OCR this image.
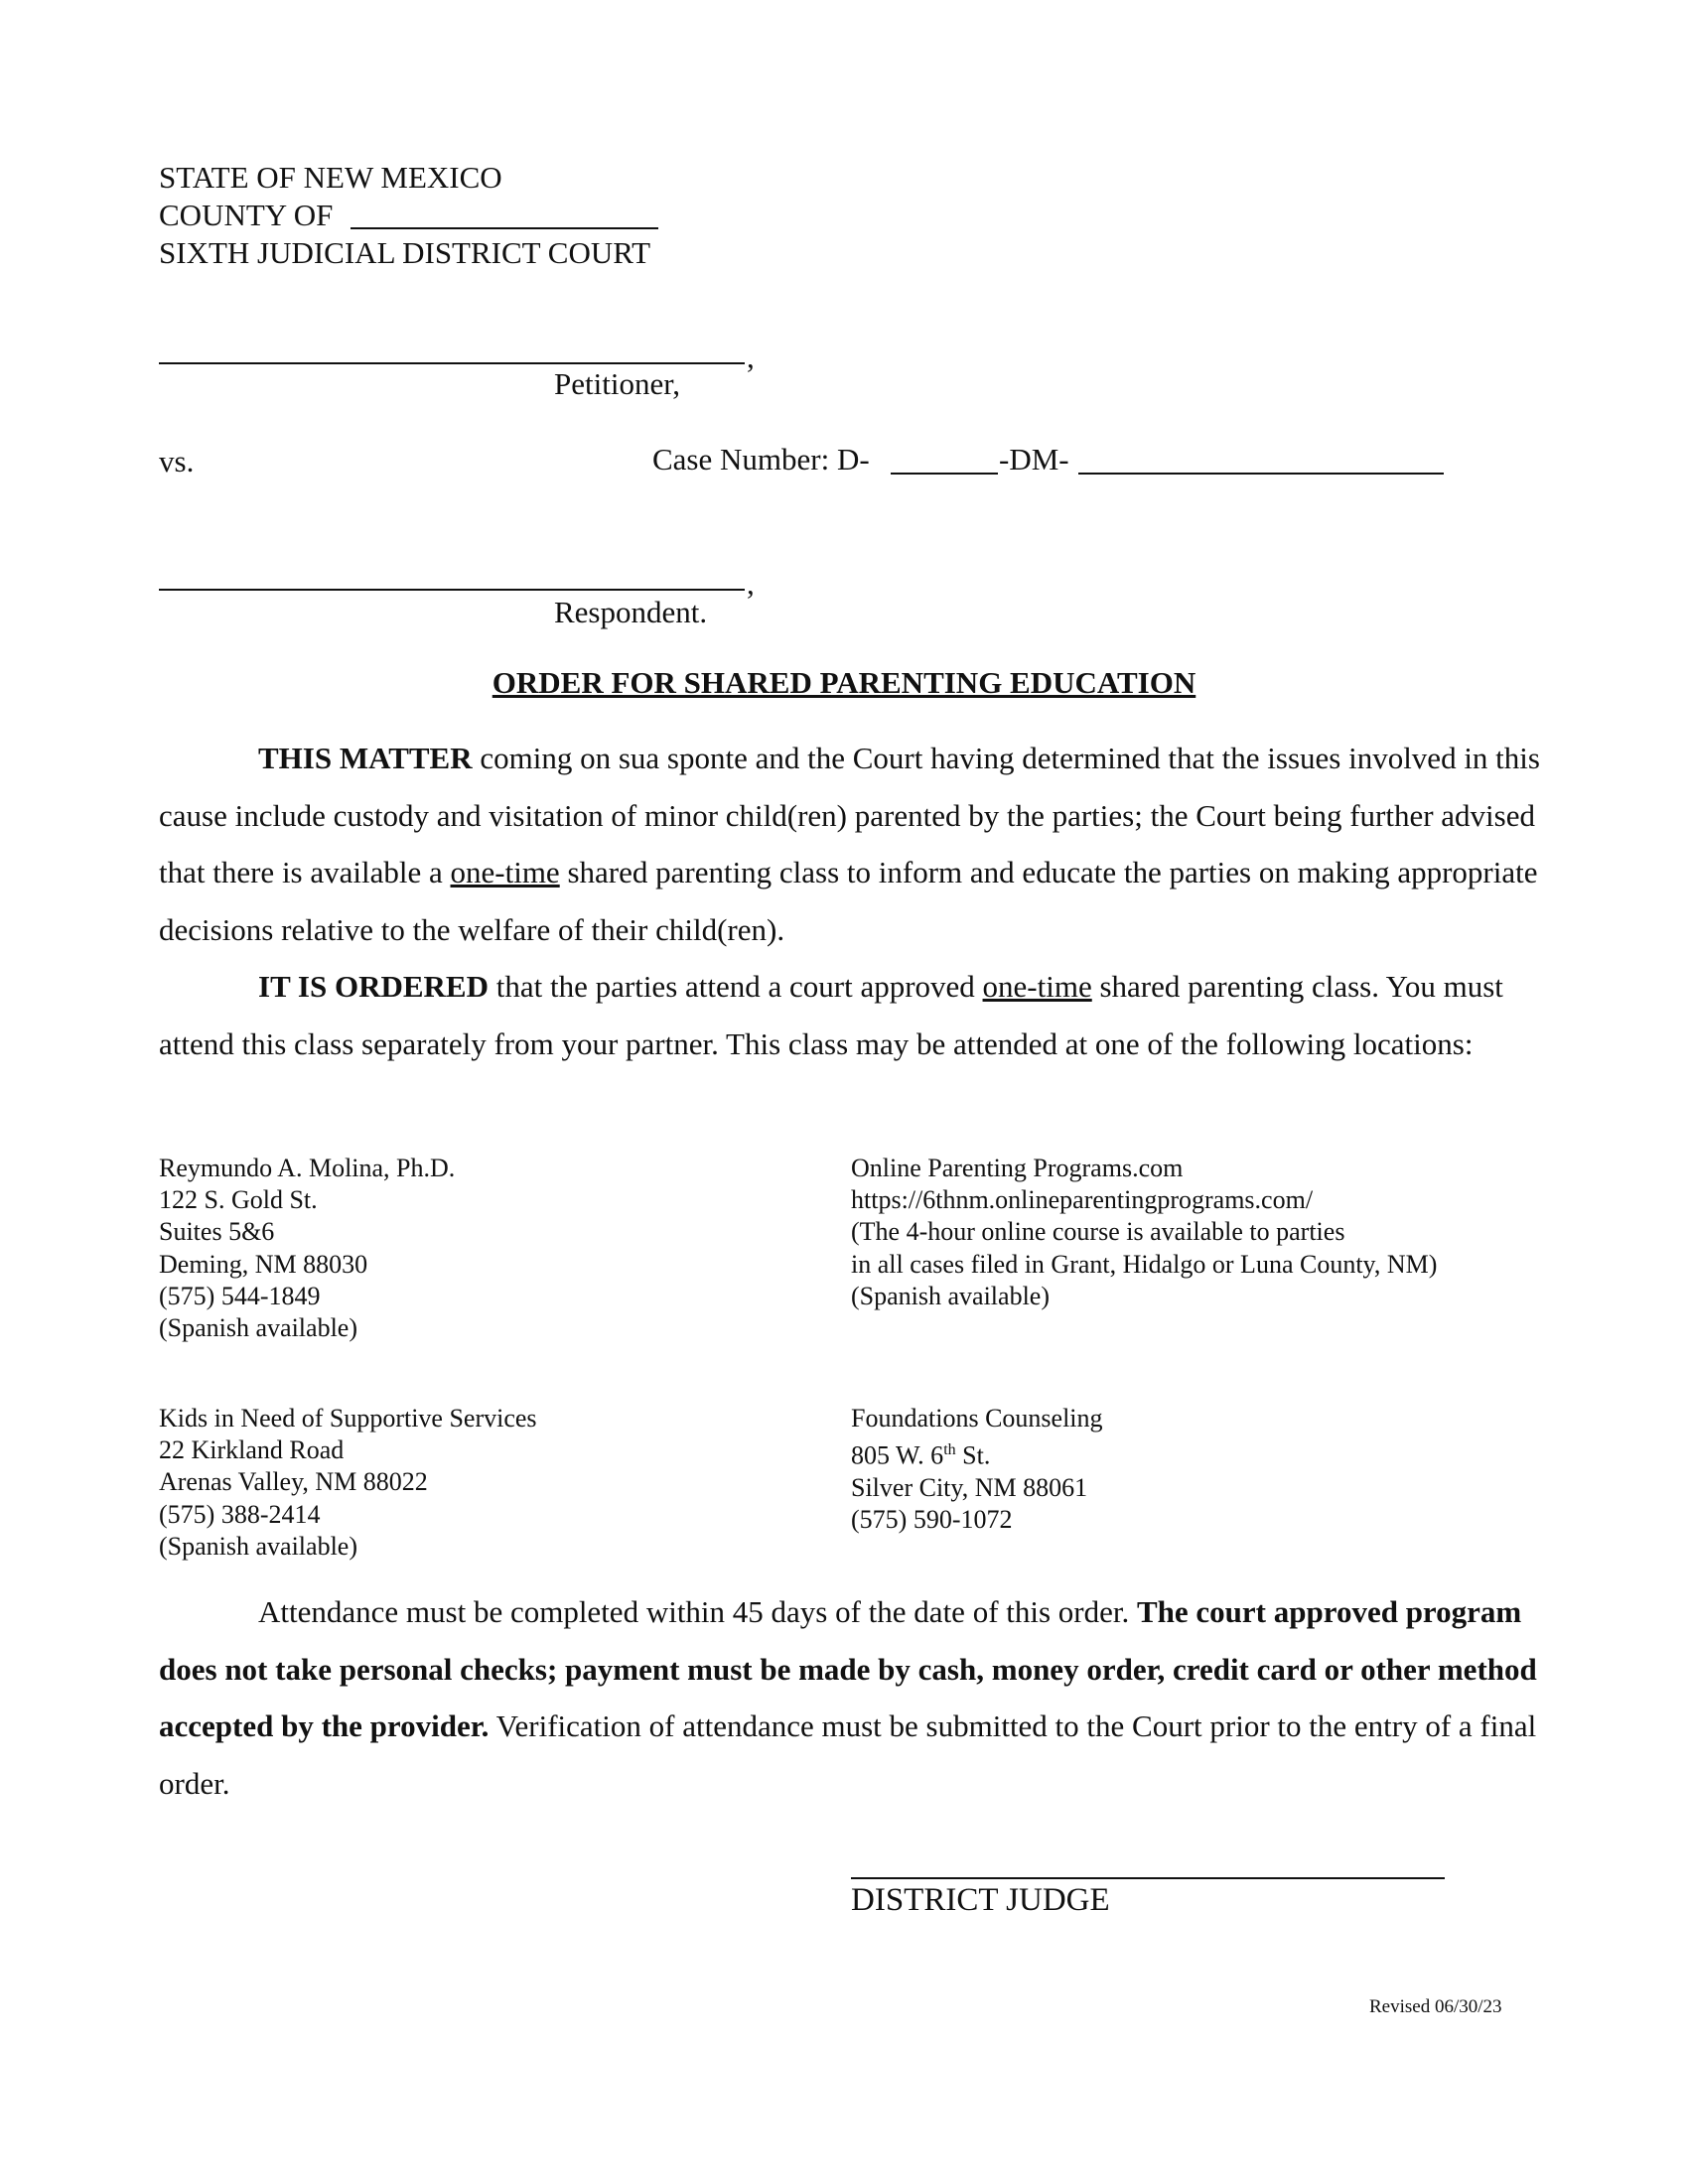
STATE OF NEW MEXICO
COUNTY OF
SIXTH JUDICIAL DISTRICT COURT
,
Petitioner,
vs.	Case Number: D-	-DM-
,
Respondent.
ORDER FOR SHARED PARENTING EDUCATION
THIS MATTER coming on sua sponte and the Court having determined that the issues involved in this cause include custody and visitation of minor child(ren) parented by the parties; the Court being further advised that there is available a one-time shared parenting class to inform and educate the parties on making appropriate decisions relative to the welfare of their child(ren).
IT IS ORDERED that the parties attend a court approved one-time shared parenting class. You must attend this class separately from your partner. This class may be attended at one of the following locations:
Reymundo A. Molina, Ph.D.
122 S. Gold St.
Suites 5&6
Deming, NM 88030
(575) 544-1849
(Spanish available)
Online Parenting Programs.com
https://6thnm.onlineparentingprograms.com/
(The 4-hour online course is available to parties
in all cases filed in Grant, Hidalgo or Luna County, NM)
(Spanish available)
Kids in Need of Supportive Services
22 Kirkland Road
Arenas Valley, NM 88022
(575) 388-2414
(Spanish available)
Foundations Counseling
805 W. 6th St.
Silver City, NM 88061
(575) 590-1072
Attendance must be completed within 45 days of the date of this order. The court approved program does not take personal checks; payment must be made by cash, money order, credit card or other method accepted by the provider. Verification of attendance must be submitted to the Court prior to the entry of a final order.
DISTRICT JUDGE
Revised 06/30/23
